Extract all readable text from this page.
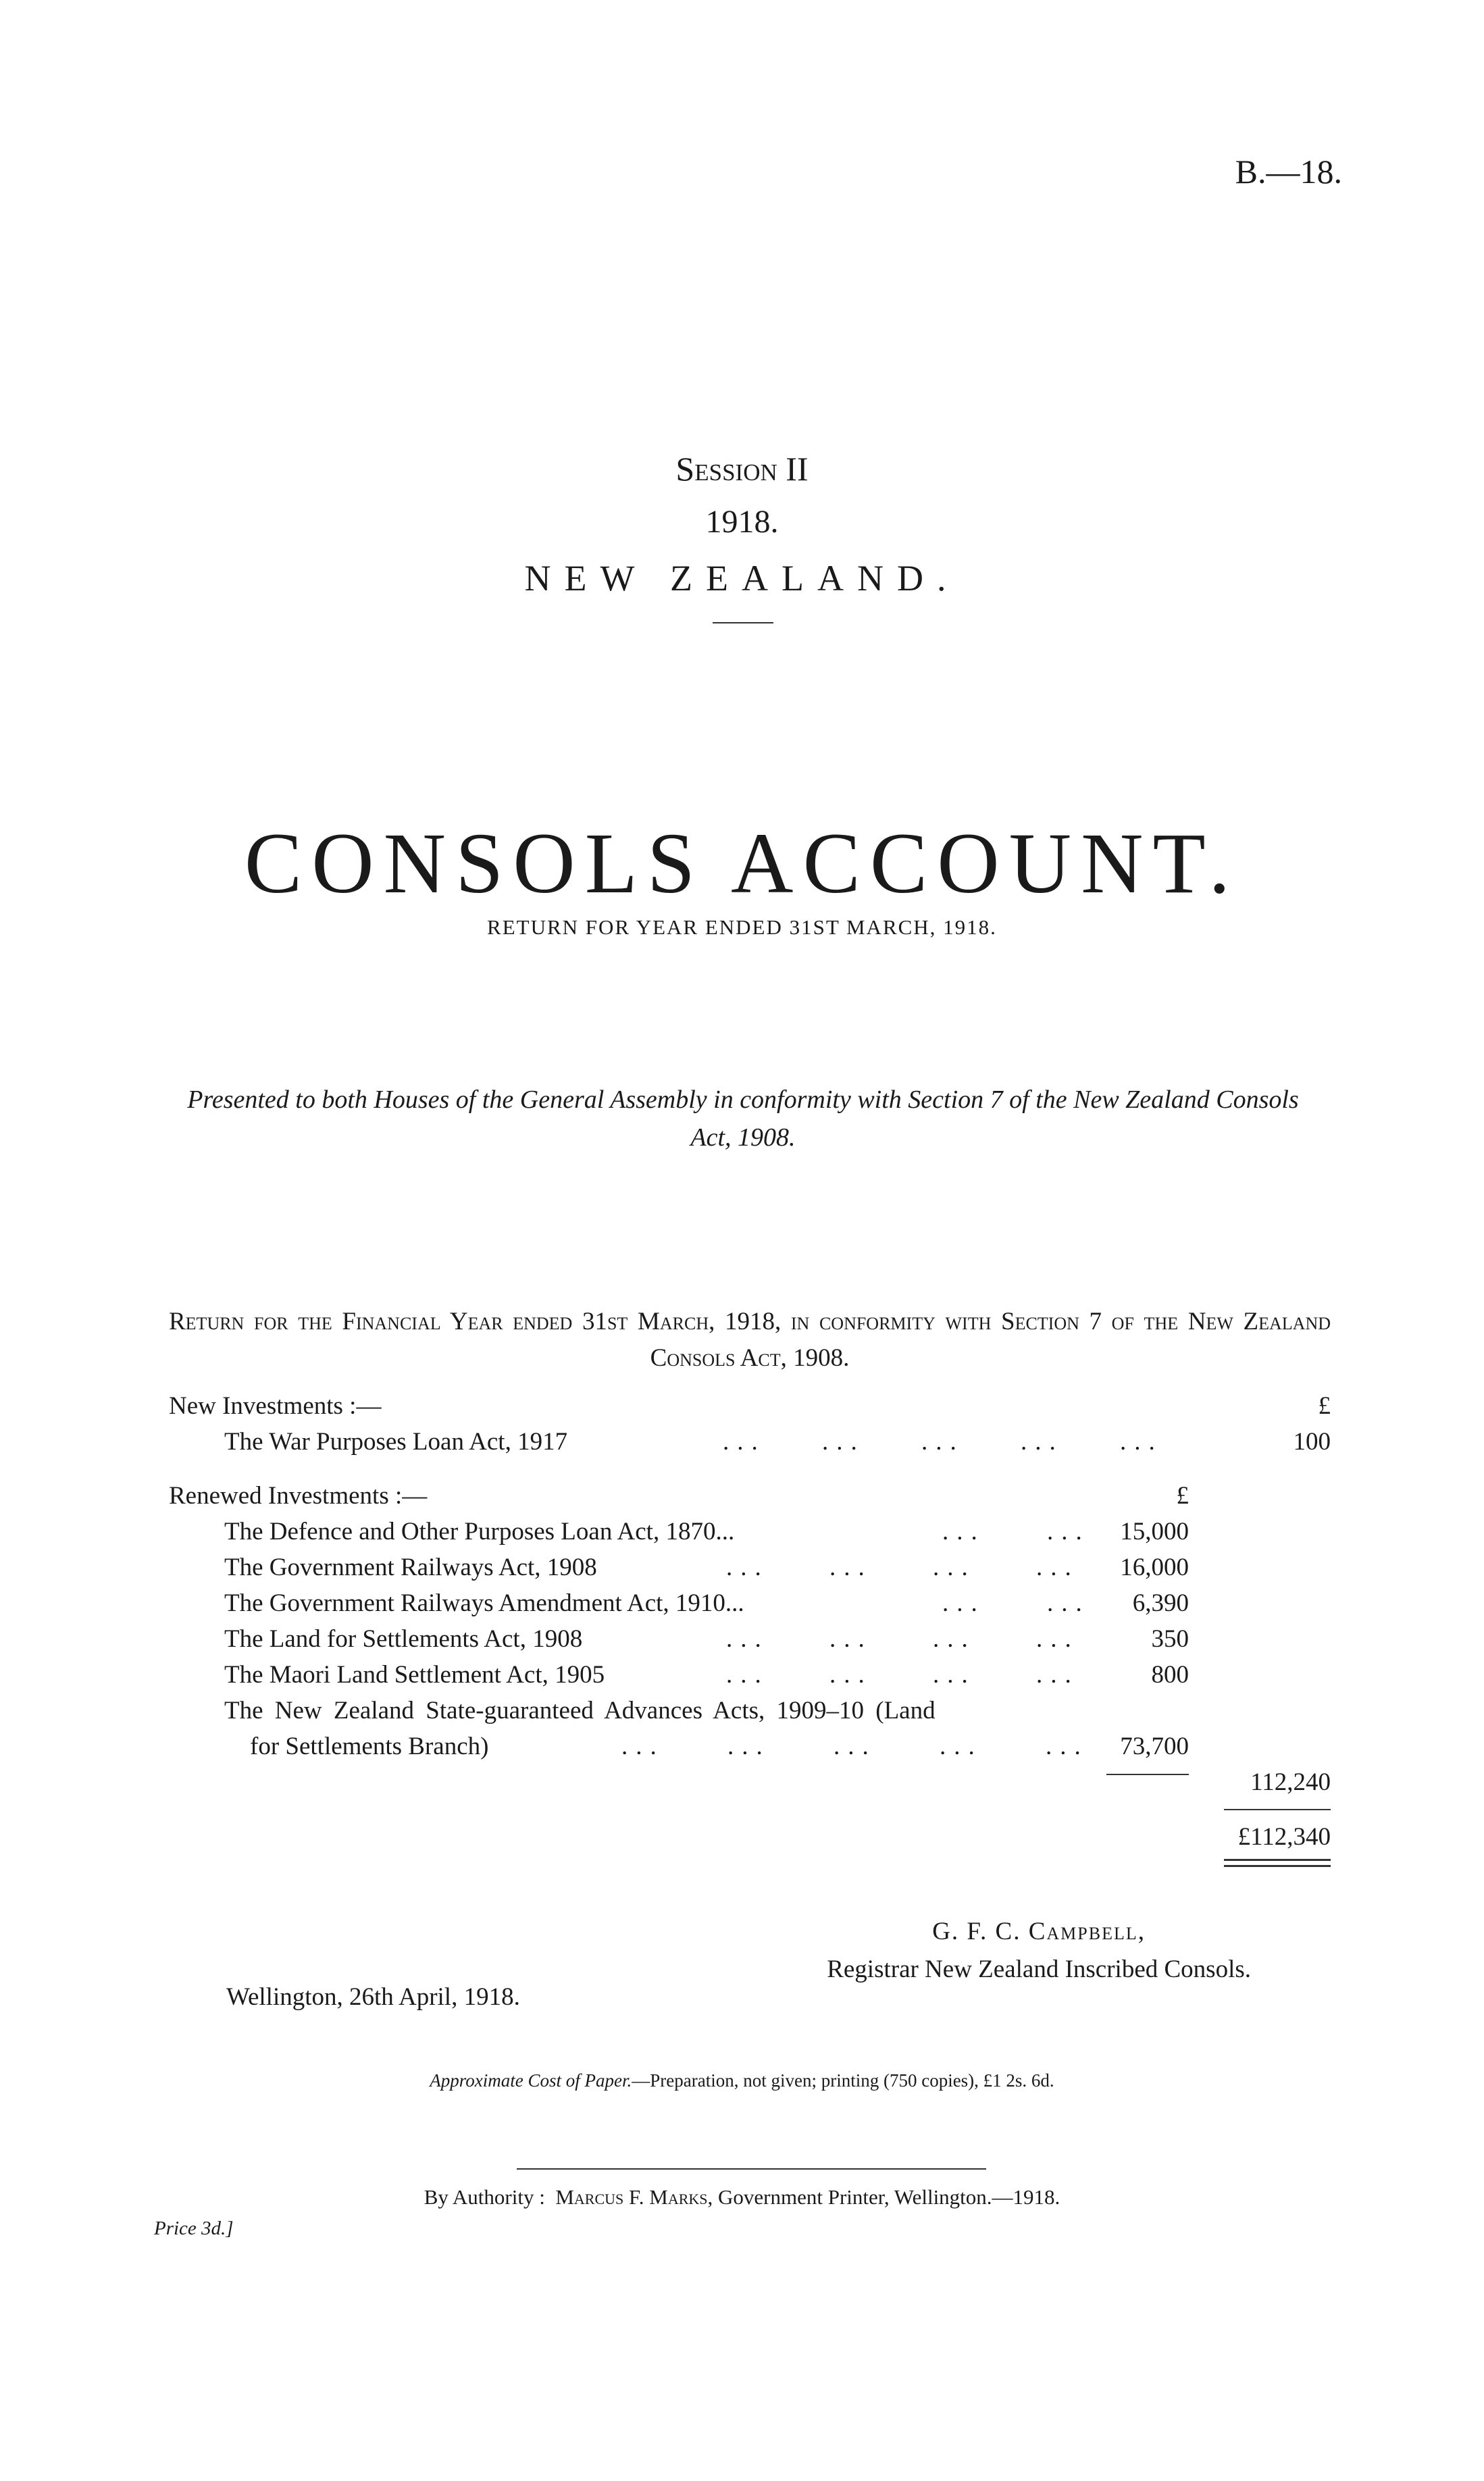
B.—18.
Session II
1918.
NEW ZEALAND.
CONSOLS ACCOUNT.
RETURN FOR YEAR ENDED 31ST MARCH, 1918.
Presented to both Houses of the General Assembly in conformity with Section 7 of the New Zealand Consols Act, 1908.
Return for the Financial Year ended 31st March, 1918, in conformity with Section 7 of the New Zealand Consols Act, 1908.
New Investments :—	£
The War Purposes Loan Act, 1917	... ... ... ... ...	100
Renewed Investments :—	£
The Defence and Other Purposes Loan Act, 1870...	... ...	15,000
The Government Railways Act, 1908	... ... ... ...	16,000
The Government Railways Amendment Act, 1910...	... ...	6,390
The Land for Settlements Act, 1908	... ... ... ...	350
The Maori Land Settlement Act, 1905	... ... ... ...	800
The New Zealand State-guaranteed Advances Acts, 1909–10 (Land
for Settlements Branch)	... ... ... ... ...	73,700
112,240
£112,340
G. F. C. Campbell,
Registrar New Zealand Inscribed Consols.
Wellington, 26th April, 1918.
Approximate Cost of Paper.—Preparation, not given; printing (750 copies), £1 2s. 6d.
By Authority : Marcus F. Marks, Government Printer, Wellington.—1918.
Price 3d.]
